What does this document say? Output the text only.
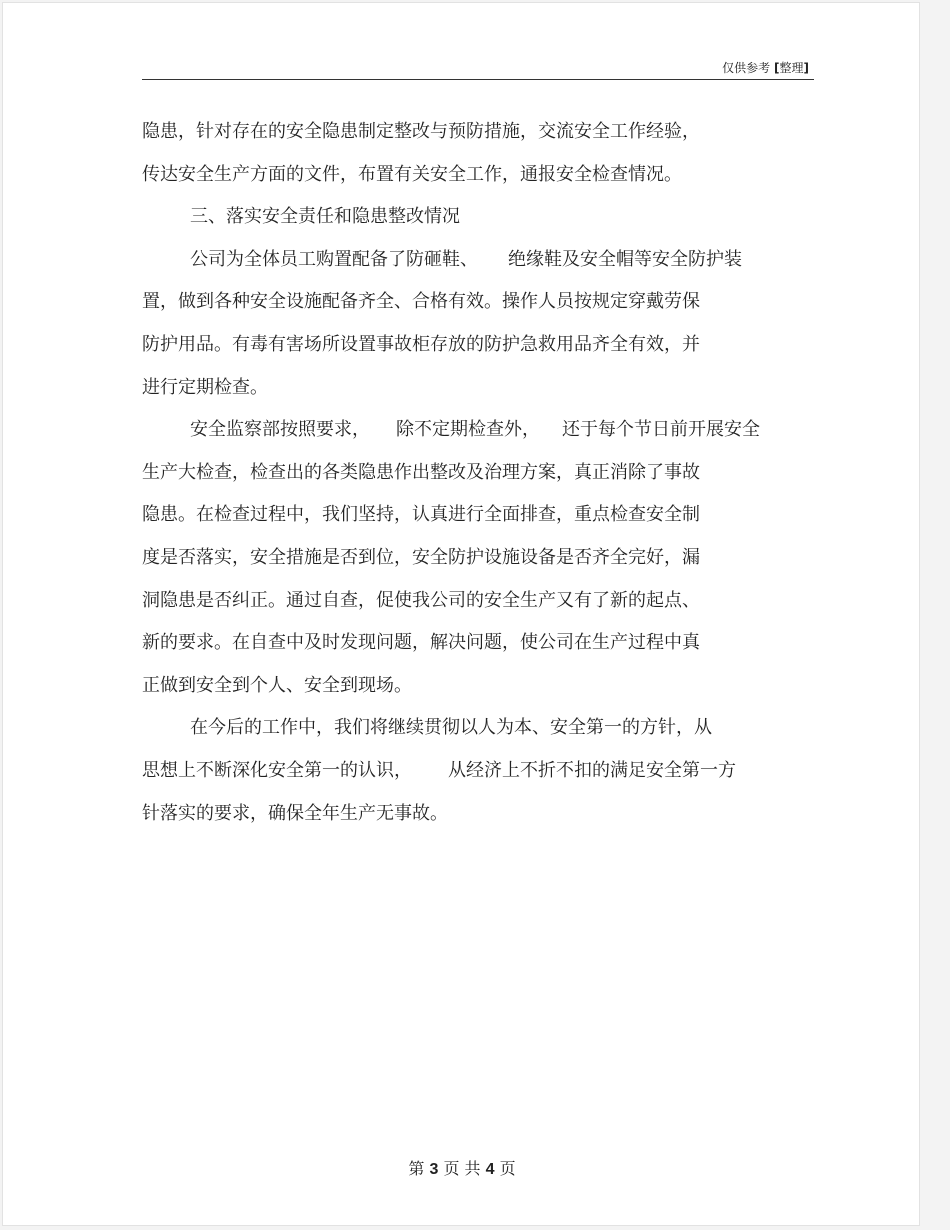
仅供参考 [整理]
隐患，针对存在的安全隐患制定整改与预防措施，交流安全工作经验，
传达安全生产方面的文件，布置有关安全工作，通报安全检查情况。
三、落实安全责任和隐患整改情况
公司为全体员工购置配备了防砸鞋、 绝缘鞋及安全帽等安全防护装
置，做到各种安全设施配备齐全、合格有效。操作人员按规定穿戴劳保
防护用品。有毒有害场所设置事故柜存放的防护急救用品齐全有效，并
进行定期检查。
安全监察部按照要求， 除不定期检查外， 还于每个节日前开展安全
生产大检查，检查出的各类隐患作出整改及治理方案，真正消除了事故
隐患。在检查过程中，我们坚持，认真进行全面排查，重点检查安全制
度是否落实，安全措施是否到位，安全防护设施设备是否齐全完好，漏
洞隐患是否纠正。通过自查，促使我公司的安全生产又有了新的起点、
新的要求。在自查中及时发现问题，解决问题，使公司在生产过程中真
正做到安全到个人、安全到现场。
在今后的工作中，我们将继续贯彻以人为本、安全第一的方针，从
思想上不断深化安全第一的认识， 从经济上不折不扣的满足安全第一方
针落实的要求，确保全年生产无事故。
第 3 页 共 4 页
